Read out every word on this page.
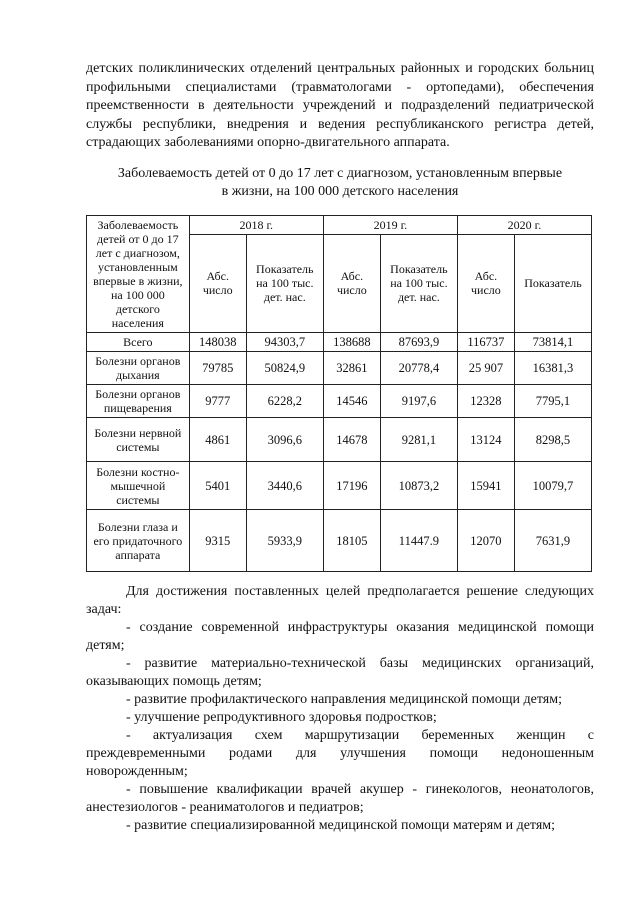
детских поликлинических отделений центральных районных и городских больниц профильными специалистами (травматологами - ортопедами), обеспечения преемственности в деятельности учреждений и подразделений педиатрической службы республики, внедрения и ведения республиканского регистра детей, страдающих заболеваниями опорно-двигательного аппарата.

Заболеваемость детей от 0 до 17 лет с диагнозом, установленным впервые
в жизни, на 100 000 детского населения
Заболеваемость детей от 0 до 17 лет с диагнозом, установленным впервые в жизни, на 100 000 детского населения	2018 г.		2019 г.		2020 г.	
	Абс. число	Показатель на 100 тыс. дет. нас.	Абс. число	Показатель на 100 тыс. дет. нас.	Абс. число	Показатель
Всего	148038	94303,7	138688	87693,9	116737	73814,1
Болезни органов дыхания	79785	50824,9	32861	20778,4	25 907	16381,3
Болезни органов пищеварения	9777	6228,2	14546	9197,6	12328	7795,1
Болезни нервной системы	4861	3096,6	14678	9281,1	13124	8298,5
Болезни костно-мышечной системы	5401	3440,6	17196	10873,2	15941	10079,7
Болезни глаза и его придаточного аппарата	9315	5933,9	18105	11447.9	12070	7631,9

Для достижения поставленных целей предполагается решение следующих задач:

- создание современной инфраструктуры оказания медицинской помощи детям;

- развитие материально-технической базы медицинских организаций, оказывающих помощь детям;

- развитие профилактического направления медицинской помощи детям;

- улучшение репродуктивного здоровья подростков;

- актуализация схем маршрутизации беременных женщин с преждевременными родами для улучшения помощи недоношенным новорожденным;

- повышение квалификации врачей акушер - гинекологов, неонатологов, анестезиологов - реаниматологов и педиатров;

- развитие специализированной медицинской помощи матерям и детям;
